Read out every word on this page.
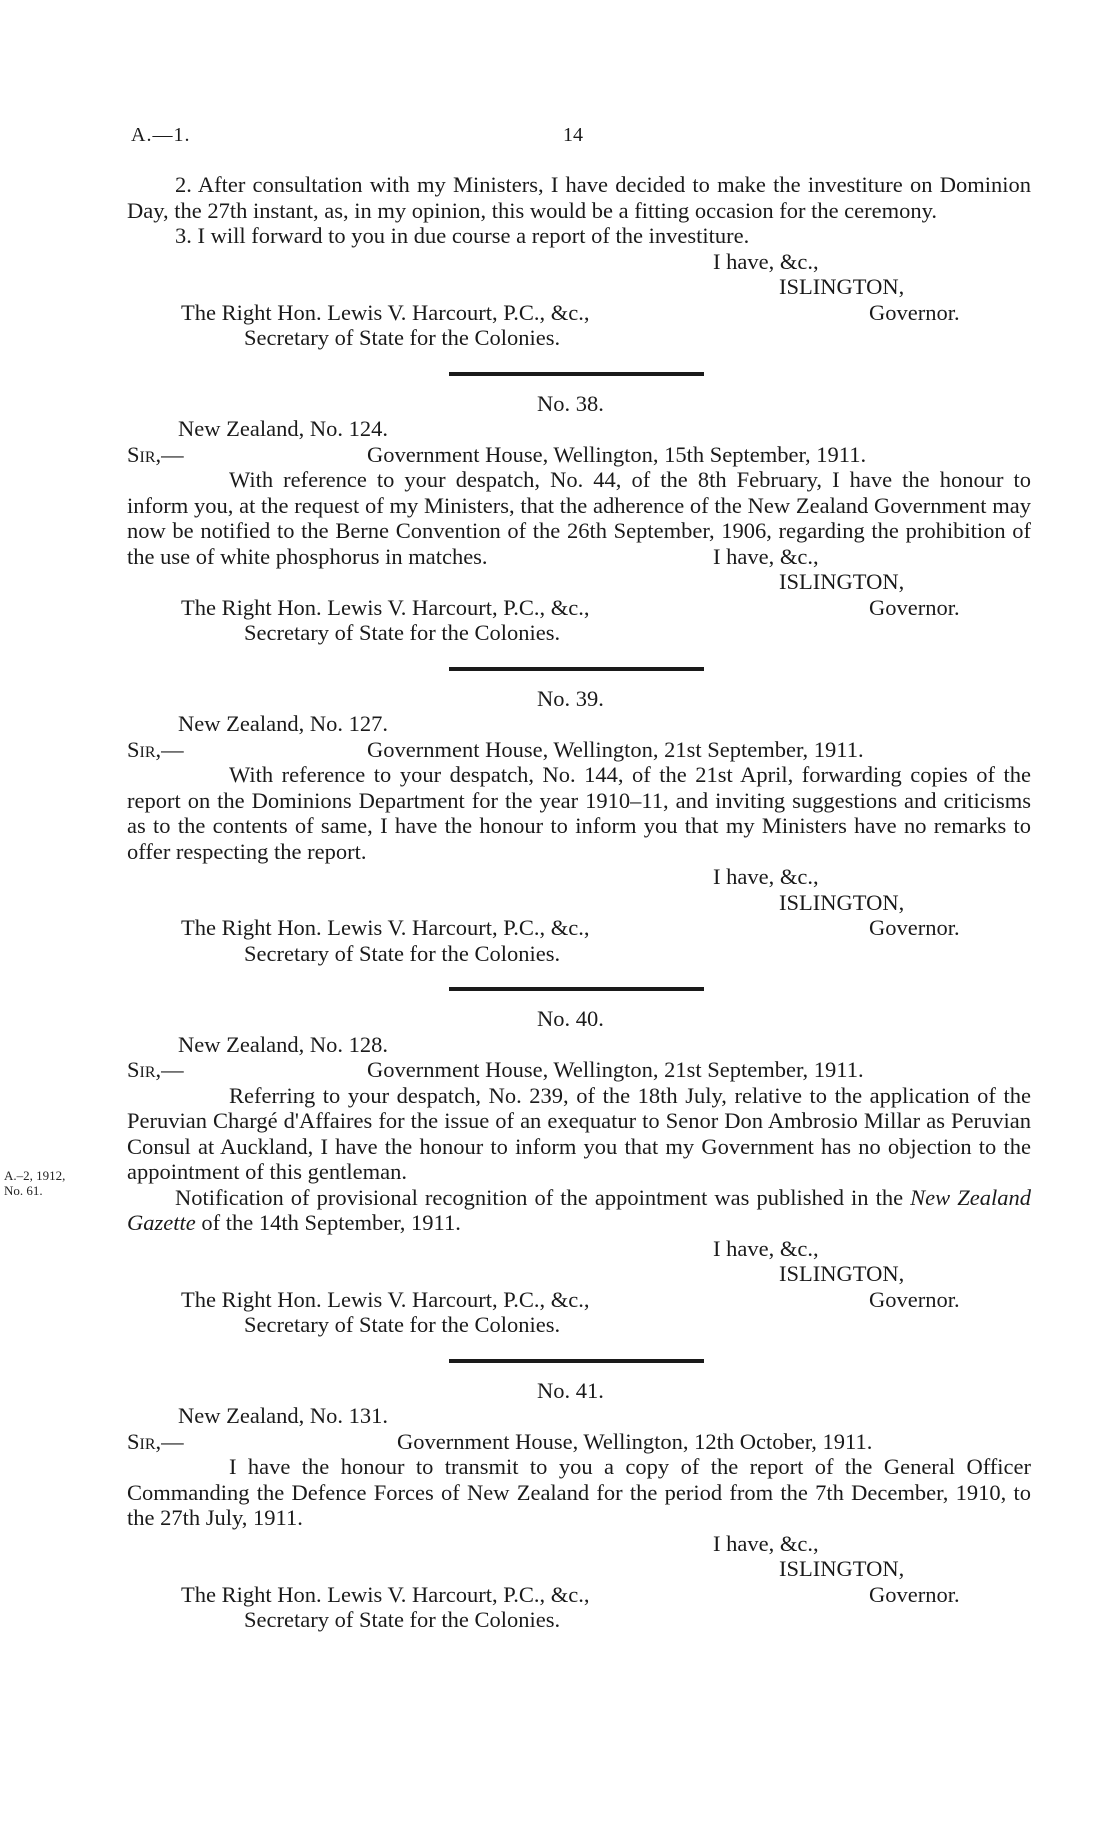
A.—1.	14
A.–2, 1912, No. 61.

2. After consultation with my Ministers, I have decided to make the investiture on Dominion Day, the 27th instant, as, in my opinion, this would be a fitting occasion for the ceremony.

3. I will forward to you in due course a report of the investiture.

I have, &c.,
ISLINGTON,
The Right Hon. Lewis V. Harcourt, P.C., &c.,	Governor.
Secretary of State for the Colonies.
No. 38.
New Zealand, No. 124.
Sir,—	Government House, Wellington, 15th September, 1911.

With reference to your despatch, No. 44, of the 8th February, I have the honour to inform you, at the request of my Ministers, that the adherence of the New Zealand Government may now be notified to the Berne Convention of the 26th September, 1906, regarding the prohibition of the use of white phosphorus in matches.	I have, &c.,
ISLINGTON,
The Right Hon. Lewis V. Harcourt, P.C., &c.,	Governor.
Secretary of State for the Colonies.
No. 39.
New Zealand, No. 127.
Sir,—	Government House, Wellington, 21st September, 1911.

With reference to your despatch, No. 144, of the 21st April, forwarding copies of the report on the Dominions Department for the year 1910–11, and inviting suggestions and criticisms as to the contents of same, I have the honour to inform you that my Ministers have no remarks to offer respecting the report.

I have, &c.,
ISLINGTON,
The Right Hon. Lewis V. Harcourt, P.C., &c.,	Governor.
Secretary of State for the Colonies.
No. 40.
New Zealand, No. 128.
Sir,—	Government House, Wellington, 21st September, 1911.

Referring to your despatch, No. 239, of the 18th July, relative to the application of the Peruvian Chargé d'Affaires for the issue of an exequatur to Senor Don Ambrosio Millar as Peruvian Consul at Auckland, I have the honour to inform you that my Government has no objection to the appointment of this gentleman.

Notification of provisional recognition of the appointment was published in the New Zealand Gazette of the 14th September, 1911.

I have, &c.,
ISLINGTON,
The Right Hon. Lewis V. Harcourt, P.C., &c.,	Governor.
Secretary of State for the Colonies.
No. 41.
New Zealand, No. 131.
Sir,—	Government House, Wellington, 12th October, 1911.

I have the honour to transmit to you a copy of the report of the General Officer Commanding the Defence Forces of New Zealand for the period from the 7th December, 1910, to the 27th July, 1911.

I have, &c.,
ISLINGTON,
The Right Hon. Lewis V. Harcourt, P.C., &c.,	Governor.
Secretary of State for the Colonies.
